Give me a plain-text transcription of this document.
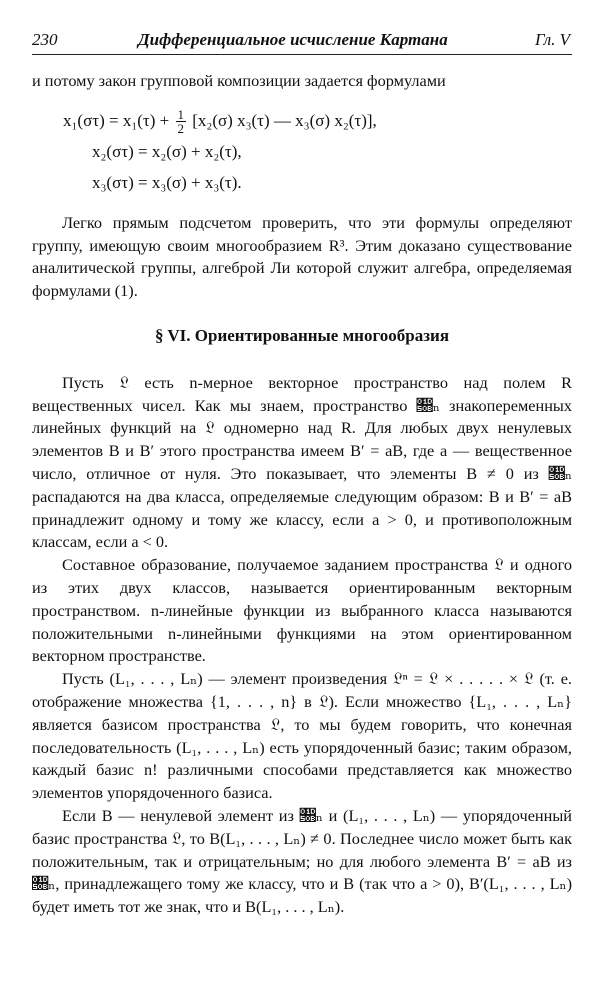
230	Дифференциальное исчисление Картана	Гл. V

и потому закон групповой композиции задается формулами

$x_1(\sigma\tau) = x_1(\tau) + \frac{1}{2} [x_2(\sigma)$ x₃(τ) — x₃(σ) x₂(τ)],
x₂(στ) = x₂(σ) + x₂(τ),
x₃(στ) = x₃(σ) + x₃(τ).

Легко прямым подсчетом проверить, что эти формулы определяют группу, имеющую своим многообразием R³. Этим доказано существование аналитической группы, алгеброй Ли которой служит алгебра, определяемая формулами (1).

§ VI. Ориентированные многообразия

Пусть 𝔏 есть n-мерное векторное пространство над полем R вещественных чисел. Как мы знаем, пространство 𝔋ₙ знакопеременных линейных функций на 𝔏 одномерно над R. Для любых двух ненулевых элементов B и B′ этого пространства имеем B′ = aB, где a — вещественное число, отличное от нуля. Это показывает, что элементы B ≠ 0 из 𝔋ₙ распадаются на два класса, определяемые следующим образом: B и B′ = aB принадлежит одному и тому же классу, если a > 0, и противоположным классам, если a < 0.

Составное образование, получаемое заданием пространства 𝔏 и одного из этих двух классов, называется ориентированным векторным пространством. n-линейные функции из выбранного класса называются положительными n-линейными функциями на этом ориентированном векторном пространстве.

Пусть (L₁, . . . , Lₙ) — элемент произведения 𝔏ⁿ = 𝔏 × . . . . . × 𝔏 (т. е. отображение множества {1, . . . , n} в 𝔏). Если множество {L₁, . . . , Lₙ} является базисом пространства 𝔏, то мы будем говорить, что конечная последовательность (L₁, . . . , Lₙ) есть упорядоченный базис; таким образом, каждый базис n! различными способами представляется как множество элементов упорядоченного базиса.

Если B — ненулевой элемент из 𝔋ₙ и (L₁, . . . , Lₙ) — упорядоченный базис пространства 𝔏, то B(L₁, . . . , Lₙ) ≠ 0. Последнее число может быть как положительным, так и отрицательным; но для любого элемента B′ = aB из 𝔋ₙ, принадлежащего тому же классу, что и B (так что a > 0), B′(L₁, . . . , Lₙ) будет иметь тот же знак, что и B(L₁, . . . , Lₙ).
